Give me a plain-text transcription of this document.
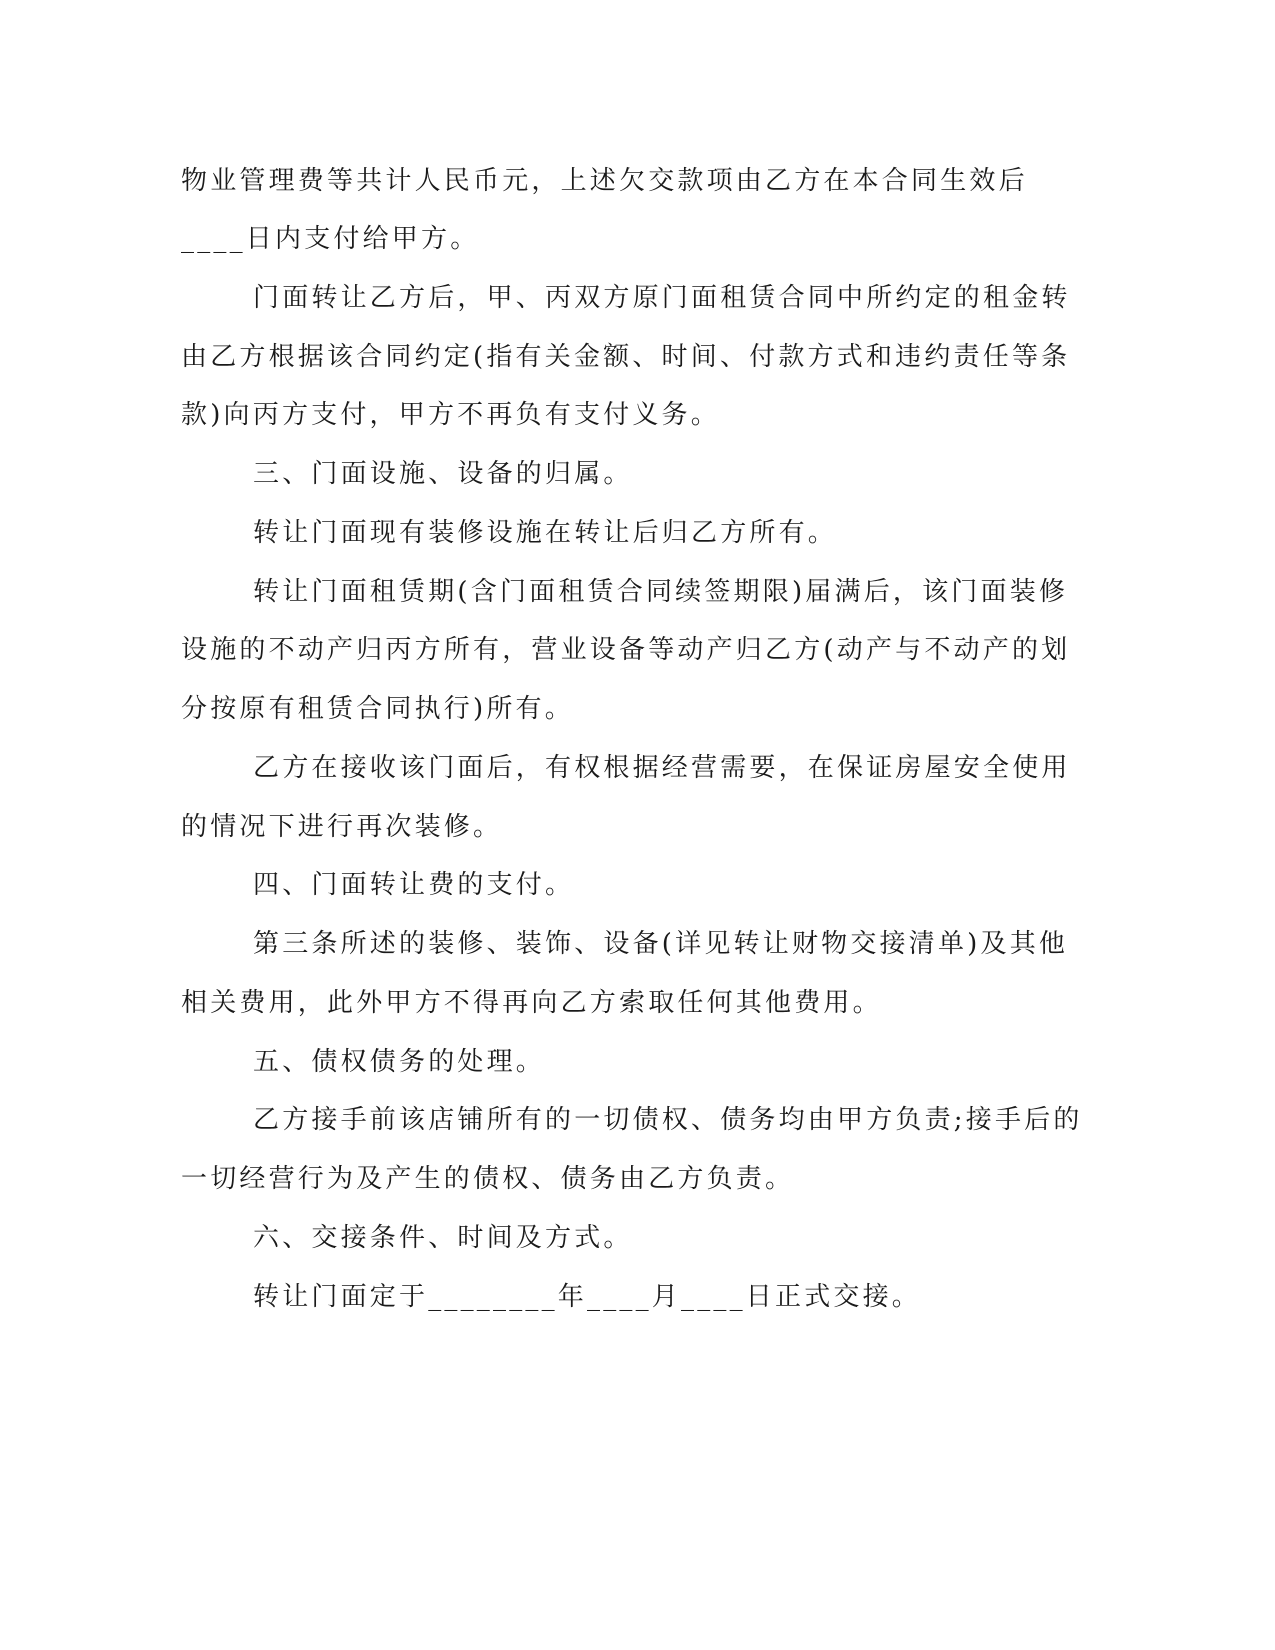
物业管理费等共计人民币元，上述欠交款项由乙方在本合同生效后
____日内支付给甲方。
门面转让乙方后，甲、丙双方原门面租赁合同中所约定的租金转
由乙方根据该合同约定(指有关金额、时间、付款方式和违约责任等条
款)向丙方支付，甲方不再负有支付义务。
三、门面设施、设备的归属。
转让门面现有装修设施在转让后归乙方所有。
转让门面租赁期(含门面租赁合同续签期限)届满后，该门面装修
设施的不动产归丙方所有，营业设备等动产归乙方(动产与不动产的划
分按原有租赁合同执行)所有。
乙方在接收该门面后，有权根据经营需要，在保证房屋安全使用
的情况下进行再次装修。
四、门面转让费的支付。
第三条所述的装修、装饰、设备(详见转让财物交接清单)及其他
相关费用，此外甲方不得再向乙方索取任何其他费用。
五、债权债务的处理。
乙方接手前该店铺所有的一切债权、债务均由甲方负责;接手后的
一切经营行为及产生的债权、债务由乙方负责。
六、交接条件、时间及方式。
转让门面定于________年____月____日正式交接。
